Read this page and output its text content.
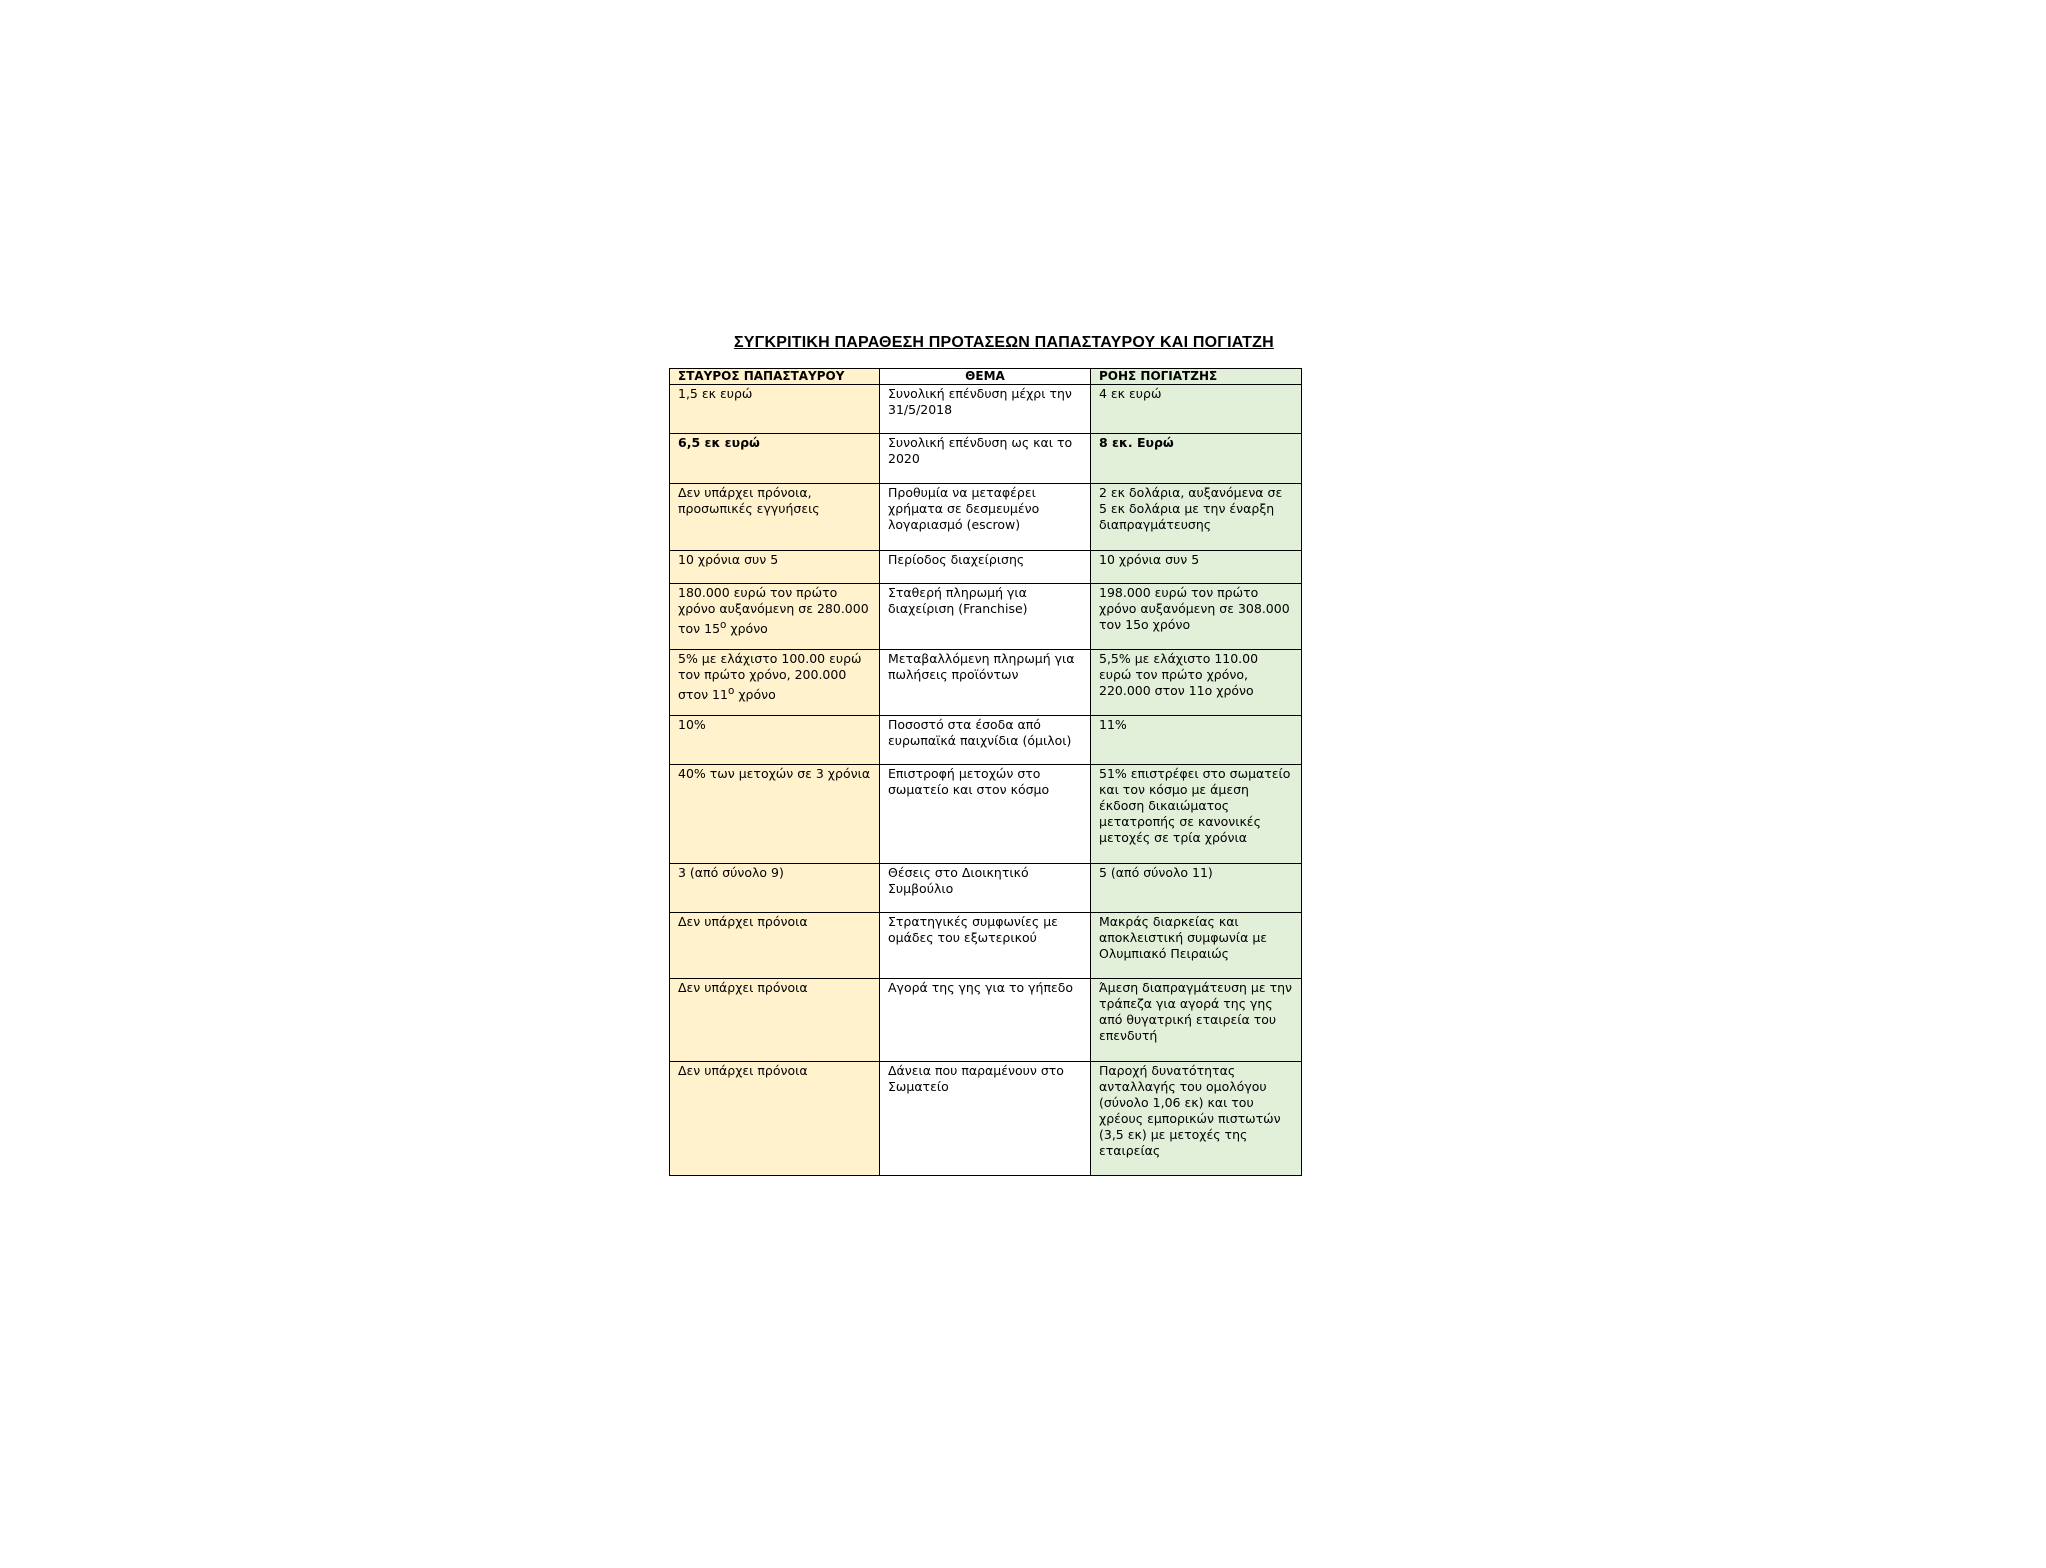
ΣΥΓΚΡΙΤΙΚΗ ΠΑΡΑΘΕΣΗ ΠΡΟΤΑΣΕΩΝ ΠΑΠΑΣΤΑΥΡΟΥ ΚΑΙ ΠΟΓΙΑΤΖΗ
ΣΤΑΥΡΟΣ ΠΑΠΑΣΤΑΥΡΟΥ	ΘΕΜΑ	ΡΟΗΣ ΠΟΓΙΑΤΖΗΣ
1,5 εκ ευρώ	Συνολική επένδυση μέχρι την 31/5/2018	4 εκ ευρώ
6,5 εκ ευρώ	Συνολική επένδυση ως και το 2020	8 εκ. Ευρώ
Δεν υπάρχει πρόνοια, προσωπικές εγγυήσεις	Προθυμία να μεταφέρει χρήματα σε δεσμευμένο λογαριασμό (escrow)	2 εκ δολάρια, αυξανόμενα σε 5 εκ δολάρια με την έναρξη διαπραγμάτευσης
10 χρόνια συν 5	Περίοδος διαχείρισης	10 χρόνια συν 5
180.000 ευρώ τον πρώτο χρόνο αυξανόμενη σε 280.000 τον $15^o$ χρόνο	Σταθερή πληρωμή για διαχείριση (Franchise)	198.000 ευρώ τον πρώτο χρόνο αυξανόμενη σε 308.000 τον 15ο χρόνο
5% με ελάχιστο 100.00 ευρώ τον πρώτο χρόνο, 200.000 στον $11^o$ χρόνο	Μεταβαλλόμενη πληρωμή για πωλήσεις προϊόντων	5,5% με ελάχιστο 110.00 ευρώ τον πρώτο χρόνο, 220.000 στον 11ο χρόνο
10%	Ποσοστό στα έσοδα από ευρωπαϊκά παιχνίδια (όμιλοι)	11%
40% των μετοχών σε 3 χρόνια	Επιστροφή μετοχών στο σωματείο και στον κόσμο	51% επιστρέφει στο σωματείο και τον κόσμο με άμεση έκδοση δικαιώματος μετατροπής σε κανονικές μετοχές σε τρία χρόνια
3 (από σύνολο 9)	Θέσεις στο Διοικητικό Συμβούλιο	5 (από σύνολο 11)
Δεν υπάρχει πρόνοια	Στρατηγικές συμφωνίες με ομάδες του εξωτερικού	Μακράς διαρκείας και αποκλειστική συμφωνία με Ολυμπιακό Πειραιώς
Δεν υπάρχει πρόνοια	Αγορά της γης για το γήπεδο	Άμεση διαπραγμάτευση με την τράπεζα για αγορά της γης από θυγατρική εταιρεία του επενδυτή
Δεν υπάρχει πρόνοια	Δάνεια που παραμένουν στο Σωματείο	Παροχή δυνατότητας ανταλλαγής του ομολόγου (σύνολο 1,06 εκ) και του χρέους εμπορικών πιστωτών (3,5 εκ) με μετοχές της εταιρείας
